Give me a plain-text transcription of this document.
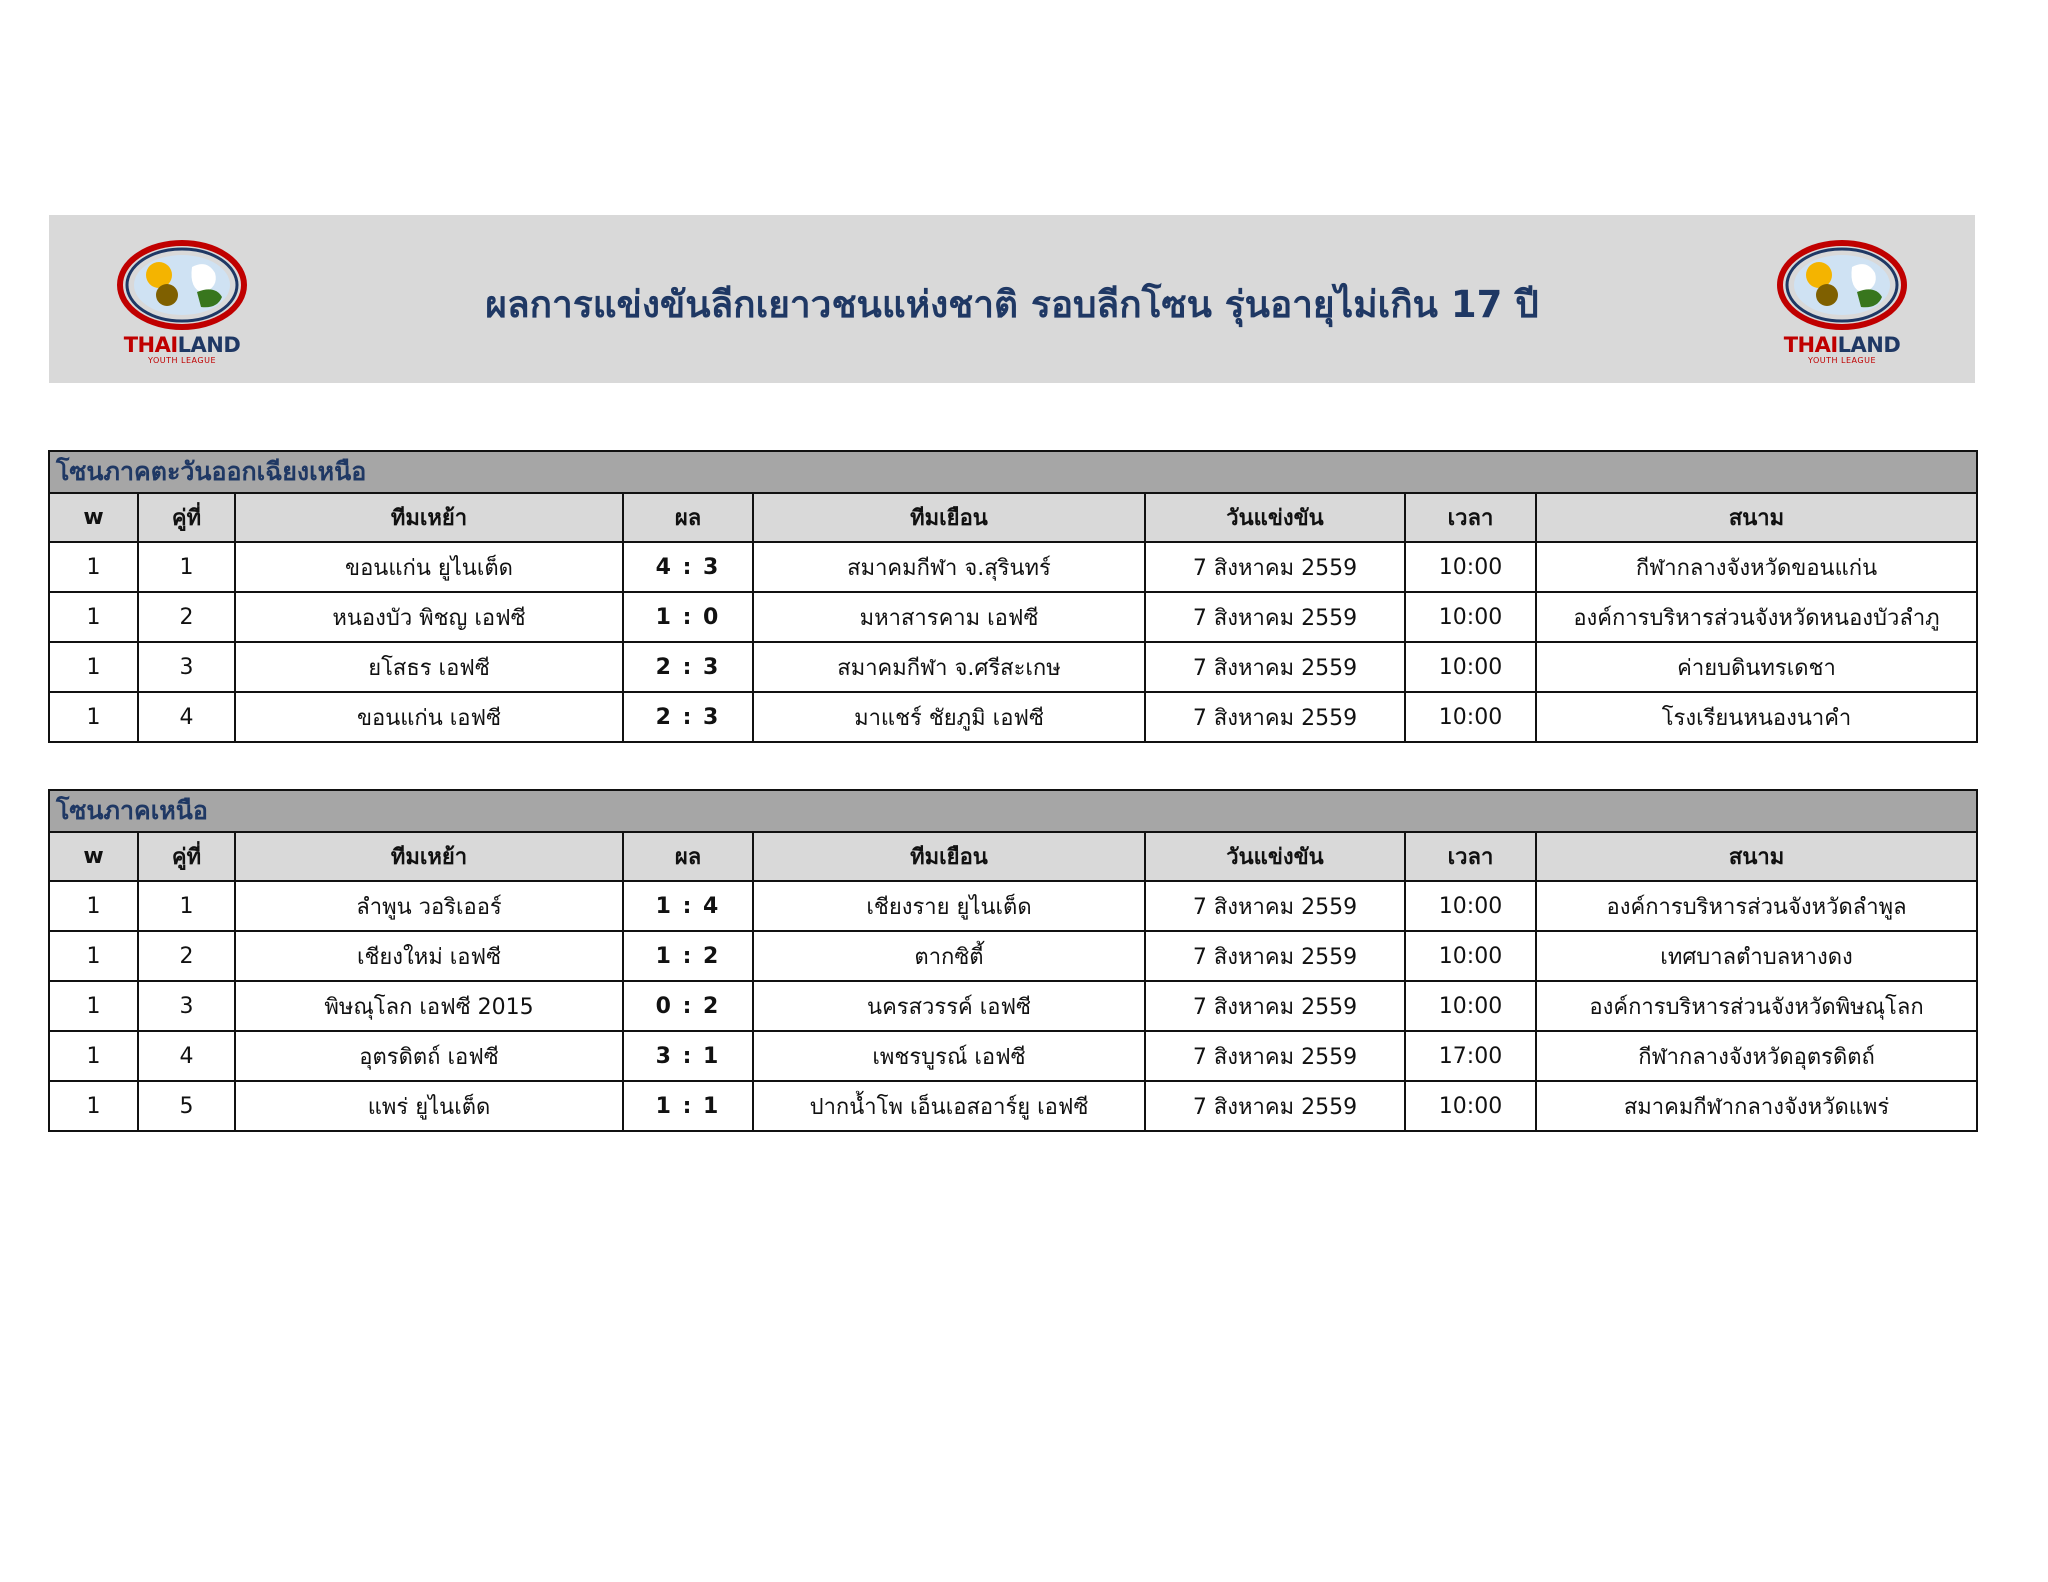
THAILAND
YOUTH LEAGUE
ผลการแข่งขันลีกเยาวชนแห่งชาติ รอบลีกโซน รุ่นอายุไม่เกิน 17 ปี
THAILAND
YOUTH LEAGUE
โซนภาคตะวันออกเฉียงเหนือ							
w	คู่ที่	ทีมเหย้า	ผล	ทีมเยือน	วันแข่งขัน	เวลา	สนาม
1	1	ขอนแก่น ยูไนเต็ด	4 : 3	สมาคมกีฬา จ.สุรินทร์	7 สิงหาคม 2559	10:00	กีฬากลางจังหวัดขอนแก่น
1	2	หนองบัว พิชญ เอฟซี	1 : 0	มหาสารคาม เอฟซี	7 สิงหาคม 2559	10:00	องค์การบริหารส่วนจังหวัดหนองบัวลำภู
1	3	ยโสธร เอฟซี	2 : 3	สมาคมกีฬา จ.ศรีสะเกษ	7 สิงหาคม 2559	10:00	ค่ายบดินทรเดชา
1	4	ขอนแก่น เอฟซี	2 : 3	มาแชร์ ชัยภูมิ เอฟซี	7 สิงหาคม 2559	10:00	โรงเรียนหนองนาคำ
โซนภาคเหนือ							
w	คู่ที่	ทีมเหย้า	ผล	ทีมเยือน	วันแข่งขัน	เวลา	สนาม
1	1	ลำพูน วอริเออร์	1 : 4	เชียงราย ยูไนเต็ด	7 สิงหาคม 2559	10:00	องค์การบริหารส่วนจังหวัดลำพูล
1	2	เชียงใหม่ เอฟซี	1 : 2	ตากซิตี้	7 สิงหาคม 2559	10:00	เทศบาลตำบลหางดง
1	3	พิษณุโลก เอฟซี 2015	0 : 2	นครสวรรค์ เอฟซี	7 สิงหาคม 2559	10:00	องค์การบริหารส่วนจังหวัดพิษณุโลก
1	4	อุตรดิตถ์ เอฟซี	3 : 1	เพชรบูรณ์ เอฟซี	7 สิงหาคม 2559	17:00	กีฬากลางจังหวัดอุตรดิตถ์
1	5	แพร่ ยูไนเต็ด	1 : 1	ปากน้ำโพ เอ็นเอสอาร์ยู เอฟซี	7 สิงหาคม 2559	10:00	สมาคมกีฬากลางจังหวัดแพร่
